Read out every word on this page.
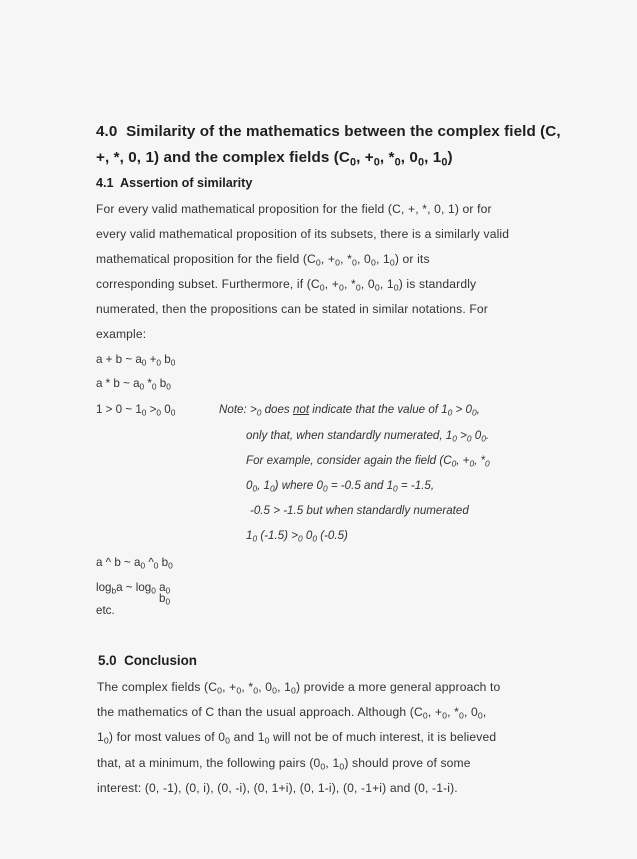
4.0 Similarity of the mathematics between the complex field (C,
+, *, 0, 1) and the complex fields ($C_0$, $+_0$, $*_0$, $0_0$, $1_0$)
4.1 Assertion of similarity
For every valid mathematical proposition for the field (C, +, *, 0, 1) or for
every valid mathematical proposition of its subsets, there is a similarly valid
mathematical proposition for the field ($C_0$, $+_0$, $*_0$, $0_0$, $1_0$) or its
corresponding subset. Furthermore, if ($C_0$, $+_0$, $*_0$, $0_0$, $1_0$) is standardly
numerated, then the propositions can be stated in similar notations. For
example:
a + b ~ $a_0 +_0$ $b_0$
a * b ~ $a_0$ $*_0$ $b_0$
1 > 0 ~ $1_0 >_0$ $0_0$	Note: $>_0$ does not indicate that the value of $1_0 > 0_0$,
only that, when standardly numerated, $1_0 >_0$ $0_0$.
For example, consider again the field ($C_0$, $+_0$, $*_0$
$0_0$, $1_0$) where $0_0 = -0.5$ and $1_0 = -1.5$,
-0.5 > -1.5 but when standardly numerated
$1_0$ $(-1.5) >_0$ $0_0$ (-0.5)
a ^ b ~ $a_0$ $\^{}_0$ $b_0$
$\log_ba$ ~ $\log_0 a_0$
$b_0$
etc.
5.0 Conclusion
The complex fields ($C_0$, $+_0$, $*_0$, $0_0$, $1_0$) provide a more general approach to
the mathematics of C than the usual approach. Although ($C_0$, $+_0$, $*_0$, $0_0$,
$1_0$) for most values of $0_0$ and $1_0$ will not be of much interest, it is believed
that, at a minimum, the following pairs ($0_0$, $1_0$) should prove of some
interest: (0, -1), (0, i), (0, -i), (0, 1+i), (0, 1-i), (0, -1+i) and (0, -1-i).
